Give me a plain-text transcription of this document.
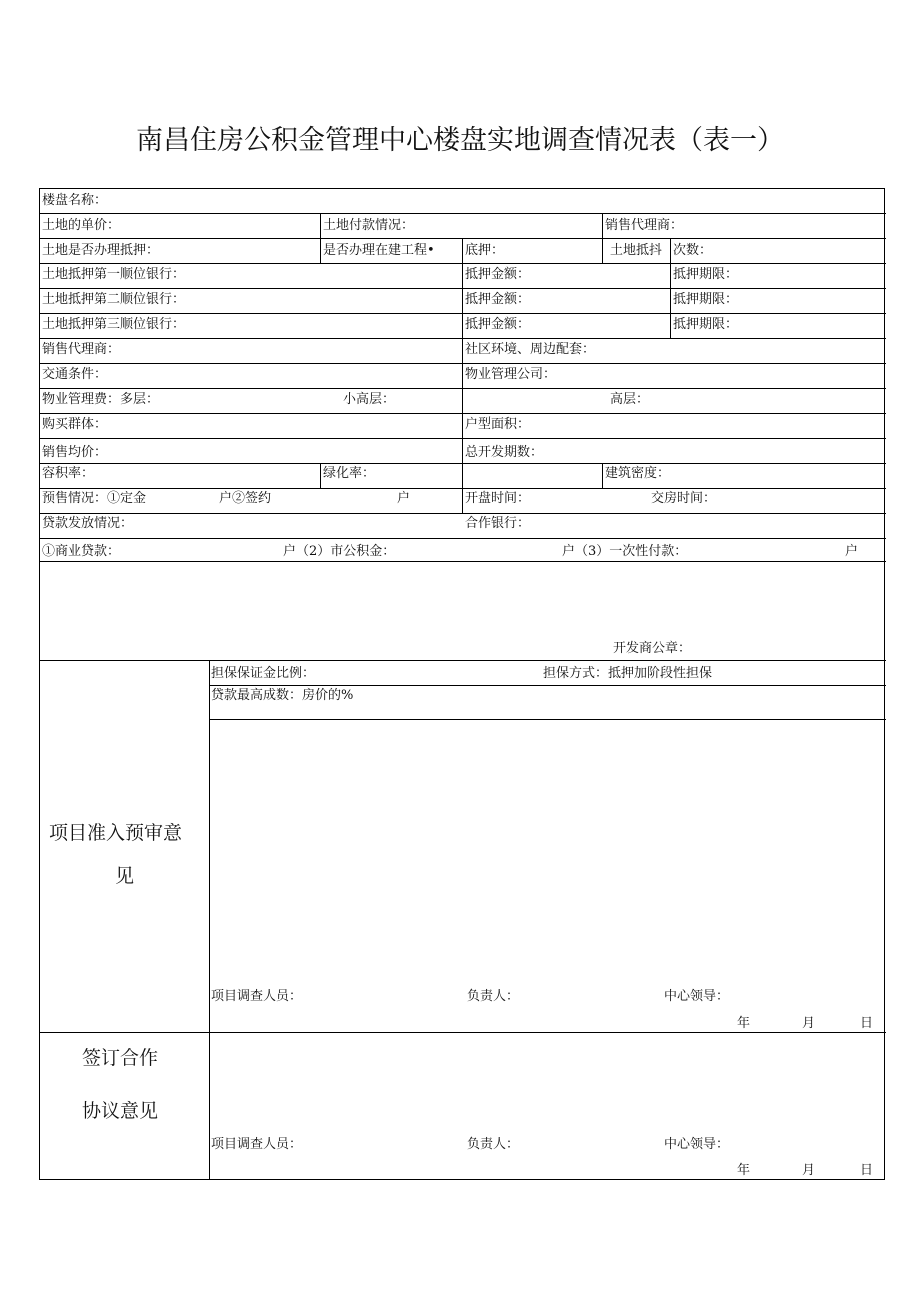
南昌住房公积金管理中心楼盘实地调查情况表（表一）
楼盘名称：
土地的单价：	土地付款情况：	销售代理商：
土地是否办理抵押：	是否办理在建工程• 底押：	土地抵抖 次数：
土地抵押第一顺位银行：	抵押金额：	抵押期限：
土地抵押第二顺位银行：	抵押金额：	抵押期限：
土地抵押第三顺位银行：	抵押金额：	抵押期限：
销售代理商：	社区环境、周边配套：
交通条件：	物业管理公司：
物业管理费：多层：	小高层：	高层：
购买群体：	户型面积：
销售均价：	总开发期数：
容积率：	绿化率：	建筑密度：
预售情况：①定金	户②签约	户	开盘时间：	交房时间：
贷款发放情况：	合作银行：
①商业贷款：	户（2）市公积金：	户（3）一次性付款：	户
开发商公章：
项目准入预审意
见
担保保证金比例：	担保方式：抵押加阶段性担保
贷款最高成数：房价的%
项目调查人员：	负责人：	中心领导：
年	月	日
签订合作
协议意见
项目调查人员：	负责人：	中心领导：
年	月	日
